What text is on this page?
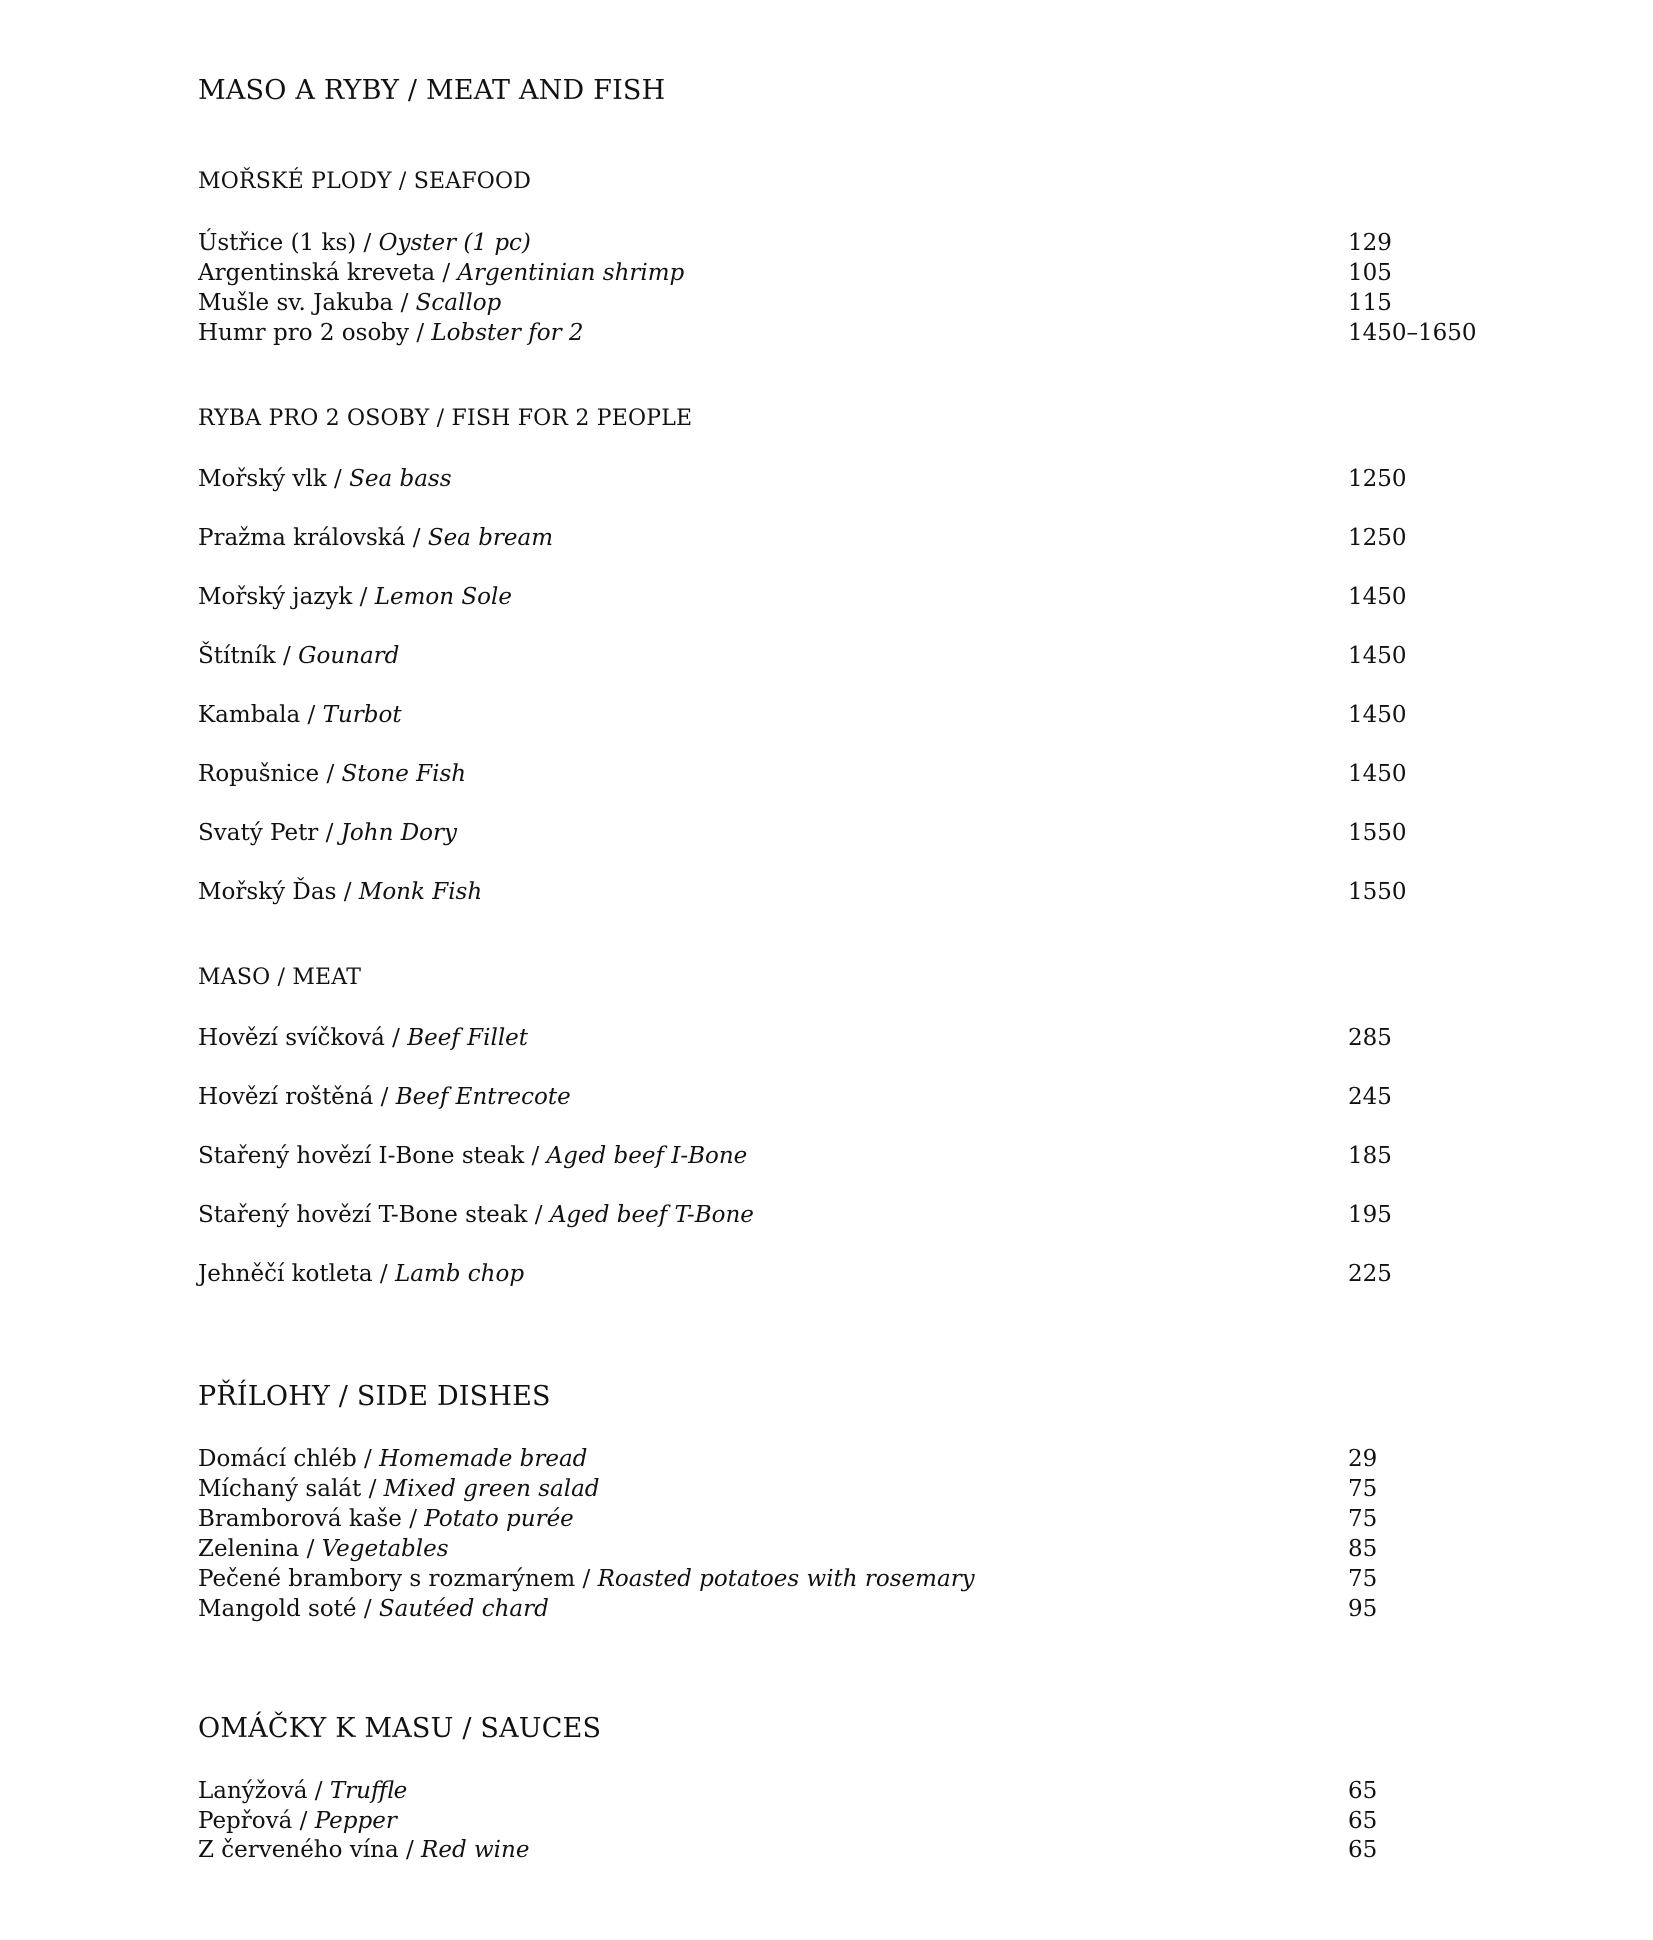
MASO A RYBY / MEAT AND FISH
MOŘSKÉ PLODY / SEAFOOD
Ústřice (1 ks) / Oyster (1 pc)	129
Argentinská kreveta / Argentinian shrimp	105
Mušle sv. Jakuba / Scallop	115
Humr pro 2 osoby / Lobster for 2	1450–1650
RYBA PRO 2 OSOBY / FISH FOR 2 PEOPLE
Mořský vlk / Sea bass	1250
Pražma královská / Sea bream	1250
Mořský jazyk / Lemon Sole	1450
Štítník / Gounard	1450
Kambala / Turbot	1450
Ropušnice / Stone Fish	1450
Svatý Petr / John Dory	1550
Mořský Ďas / Monk Fish	1550
MASO / MEAT
Hovězí svíčková / Beef Fillet	285
Hovězí roštěná / Beef Entrecote	245
Stařený hovězí I-Bone steak / Aged beef I-Bone	185
Stařený hovězí T-Bone steak / Aged beef T-Bone	195
Jehněčí kotleta / Lamb chop	225
PŘÍLOHY / SIDE DISHES
Domácí chléb / Homemade bread	29
Míchaný salát / Mixed green salad	75
Bramborová kaše / Potato purée	75
Zelenina / Vegetables	85
Pečené brambory s rozmarýnem / Roasted potatoes with rosemary	75
Mangold soté / Sautéed chard	95
OMÁČKY K MASU / SAUCES
Lanýžová / Truffle	65
Pepřová / Pepper	65
Z červeného vína / Red wine	65
